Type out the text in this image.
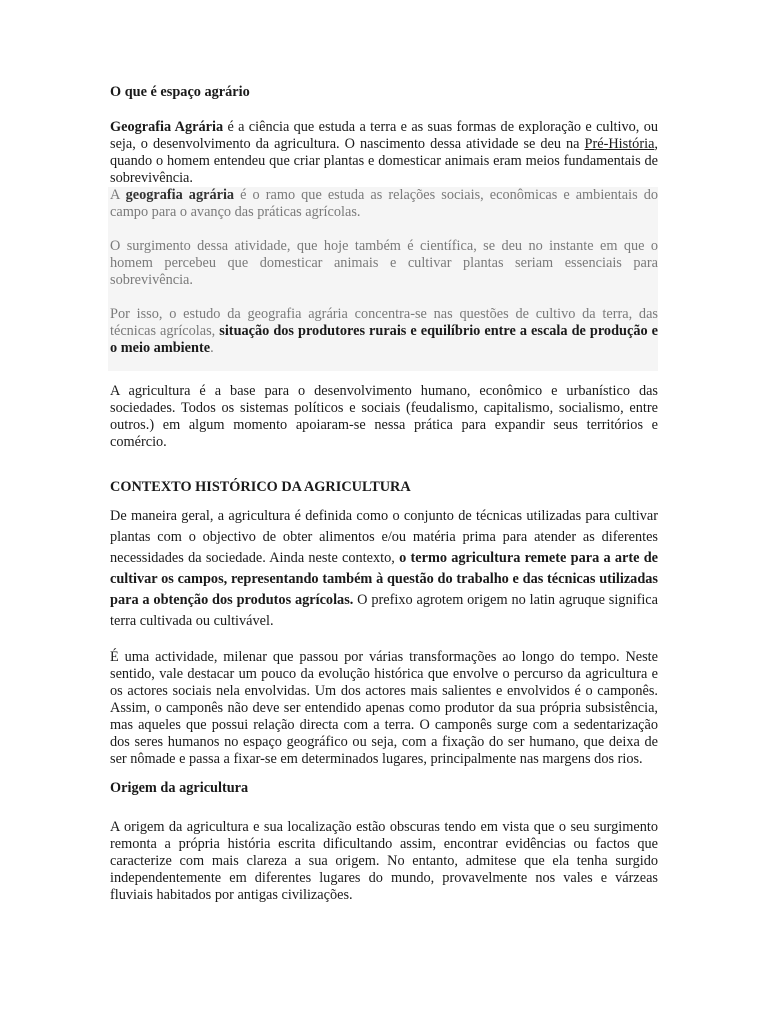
O que é espaço agrário

Geografia Agrária é a ciência que estuda a terra e as suas formas de exploração e cultivo, ou seja, o desenvolvimento da agricultura. O nascimento dessa atividade se deu na Pré-História, quando o homem entendeu que criar plantas e domesticar animais eram meios fundamentais de sobrevivência.

A geografia agrária é o ramo que estuda as relações sociais, econômicas e ambientais do campo para o avanço das práticas agrícolas.

O surgimento dessa atividade, que hoje também é científica, se deu no instante em que o homem percebeu que domesticar animais e cultivar plantas seriam essenciais para sobrevivência.

Por isso, o estudo da geografia agrária concentra-se nas questões de cultivo da terra, das técnicas agrícolas, situação dos produtores rurais e equilíbrio entre a escala de produção e o meio ambiente.

A agricultura é a base para o desenvolvimento humano, econômico e urbanístico das sociedades. Todos os sistemas políticos e sociais (feudalismo, capitalismo, socialismo, entre outros.) em algum momento apoiaram-se nessa prática para expandir seus territórios e comércio.

CONTEXTO HISTÓRICO DA AGRICULTURA

De maneira geral, a agricultura é definida como o conjunto de técnicas utilizadas para cultivar plantas com o objectivo de obter alimentos e/ou matéria prima para atender as diferentes necessidades da sociedade. Ainda neste contexto, o termo agricultura remete para a arte de cultivar os campos, representando também à questão do trabalho e das técnicas utilizadas para a obtenção dos produtos agrícolas. O prefixo agrotem origem no latin agruque significa terra cultivada ou cultivável.

É uma actividade, milenar que passou por várias transformações ao longo do tempo. Neste sentido, vale destacar um pouco da evolução histórica que envolve o percurso da agricultura e os actores sociais nela envolvidas. Um dos actores mais salientes e envolvidos é o camponês. Assim, o camponês não deve ser entendido apenas como produtor da sua própria subsistência, mas aqueles que possui relação directa com a terra. O camponês surge com a sedentarização dos seres humanos no espaço geográfico ou seja, com a fixação do ser humano, que deixa de ser nômade e passa a fixar-se em determinados lugares, principalmente nas margens dos rios.

Origem da agricultura

A origem da agricultura e sua localização estão obscuras tendo em vista que o seu surgimento remonta a própria história escrita dificultando assim, encontrar evidências ou factos que caracterize com mais clareza a sua origem. No entanto, admitese que ela tenha surgido independentemente em diferentes lugares do mundo, provavelmente nos vales e várzeas fluviais habitados por antigas civilizações.
